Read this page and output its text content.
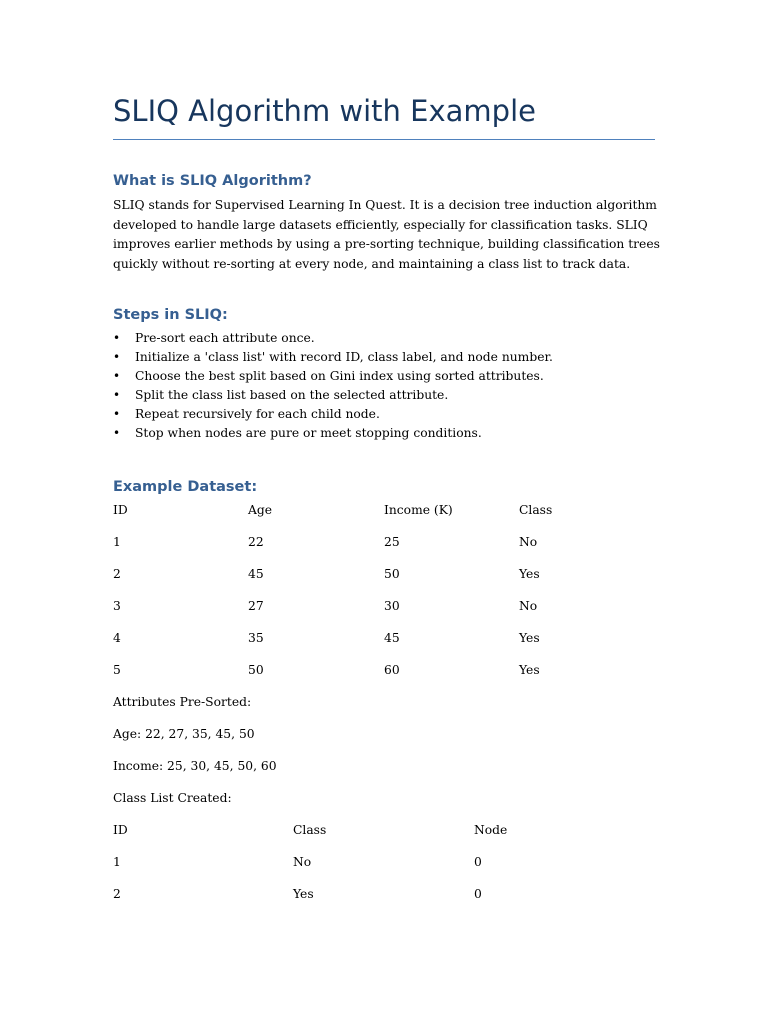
SLIQ Algorithm with Example
What is SLIQ Algorithm?
SLIQ stands for Supervised Learning In Quest. It is a decision tree induction algorithm
developed to handle large datasets efficiently, especially for classification tasks. SLIQ
improves earlier methods by using a pre-sorting technique, building classification trees
quickly without re-sorting at every node, and maintaining a class list to track data.
Steps in SLIQ:
• Pre-sort each attribute once.
• Initialize a 'class list' with record ID, class label, and node number.
• Choose the best split based on Gini index using sorted attributes.
• Split the class list based on the selected attribute.
• Repeat recursively for each child node.
• Stop when nodes are pure or meet stopping conditions.
Example Dataset:
ID	Age	Income (K)	Class
1	22	25	No
2	45	50	Yes
3	27	30	No
4	35	45	Yes
5	50	60	Yes
Attributes Pre-Sorted:
Age: 22, 27, 35, 45, 50
Income: 25, 30, 45, 50, 60
Class List Created:
ID	Class	Node
1	No	0
2	Yes	0
